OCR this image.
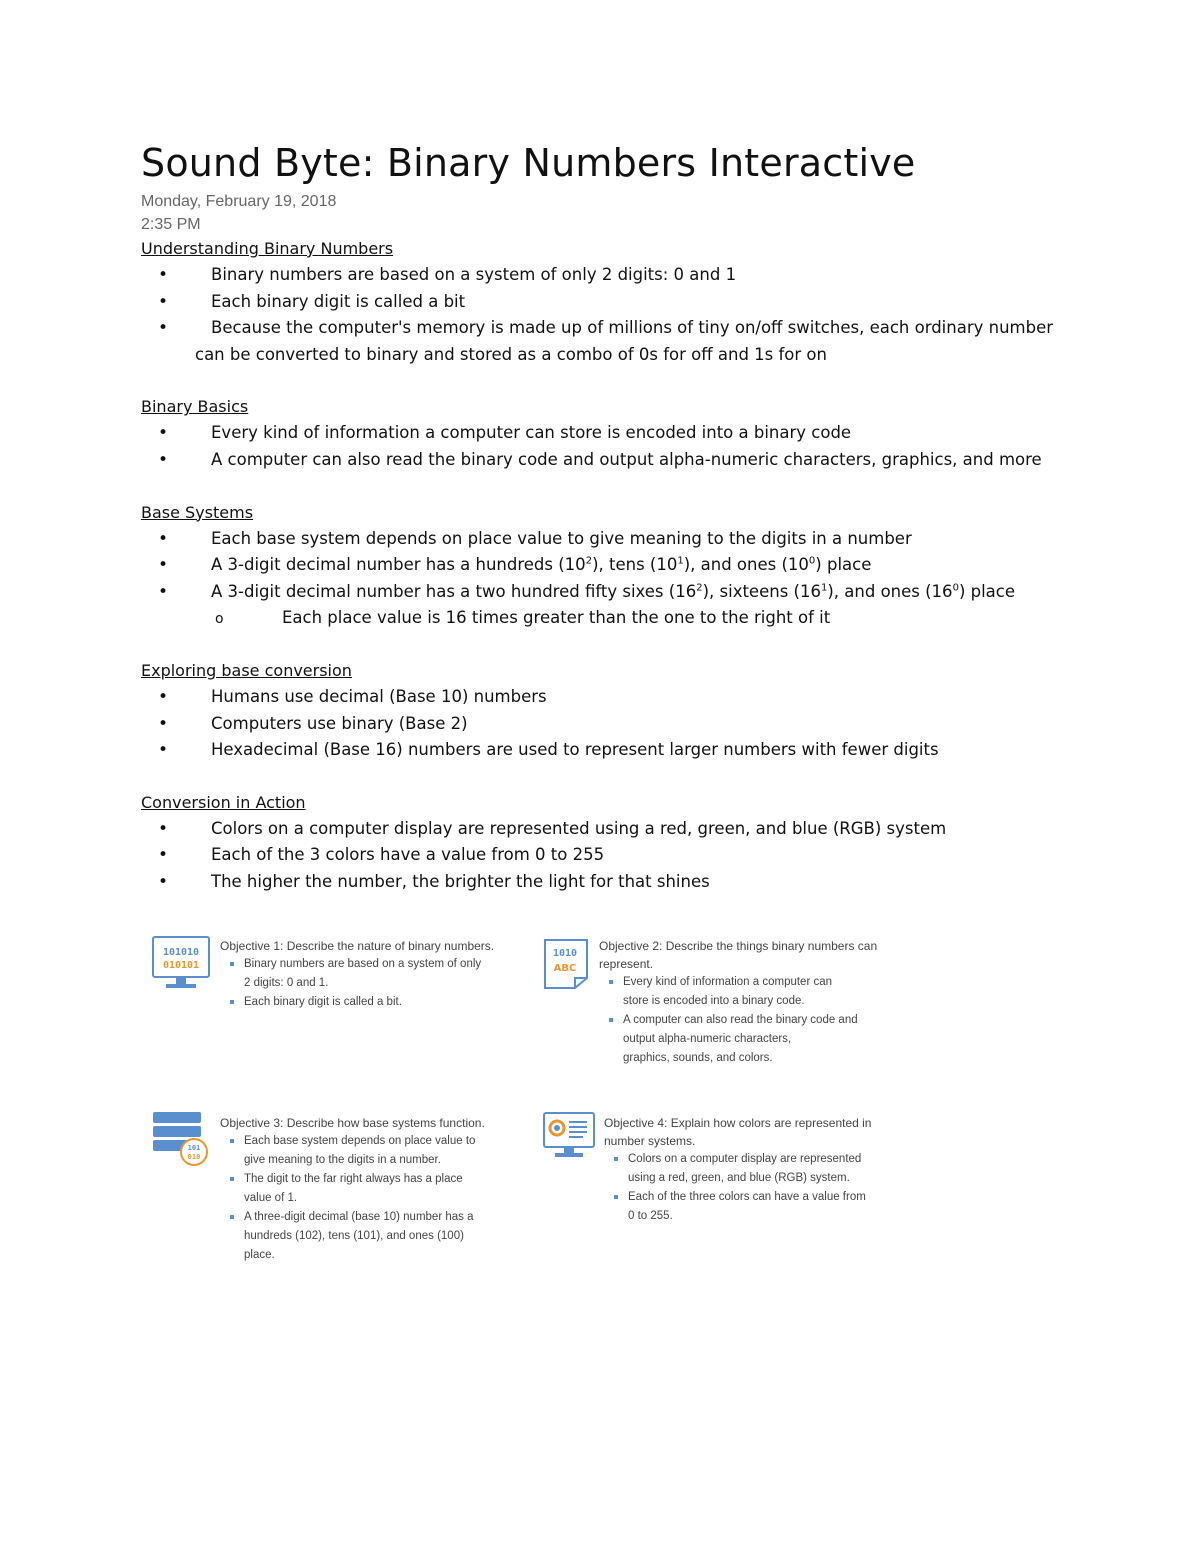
Sound Byte: Binary Numbers Interactive
Monday, February 19, 2018
2:35 PM
Understanding Binary Numbers
•	Binary numbers are based on a system of only 2 digits: 0 and 1
•	Each binary digit is called a bit
•	Because the computer's memory is made up of millions of tiny on/off switches, each ordinary number can be converted to binary and stored as a combo of 0s for off and 1s for on
Binary Basics
•	Every kind of information a computer can store is encoded into a binary code
•	A computer can also read the binary code and output alpha-numeric characters, graphics, and more
Base Systems
•	Each base system depends on place value to give meaning to the digits in a number
•	A 3-digit decimal number has a hundreds $(10^2)$, tens $(10^1)$, and ones $(10^0)$ place
•	A 3-digit decimal number has a two hundred fifty sixes $(16^2)$, sixteens $(16^1)$, and ones $(16^0)$ place
o	Each place value is 16 times greater than the one to the right of it
Exploring base conversion
•	Humans use decimal (Base 10) numbers
•	Computers use binary (Base 2)
•	Hexadecimal (Base 16) numbers are used to represent larger numbers with fewer digits
Conversion in Action
•	Colors on a computer display are represented using a red, green, and blue (RGB) system
•	Each of the 3 colors have a value from 0 to 255
•	The higher the number, the brighter the light for that shines
101010
010101
Objective 1: Describe the nature of binary numbers.
Binary numbers are based on a system of only
2 digits: 0 and 1.
Each binary digit is called a bit.
1010
ABC
Objective 2: Describe the things binary numbers can
represent.
Every kind of information a computer can
store is encoded into a binary code.
A computer can also read the binary code and
output alpha-numeric characters,
graphics, sounds, and colors.
101
010
Objective 3: Describe how base systems function.
Each base system depends on place value to
give meaning to the digits in a number.
The digit to the far right always has a place
value of 1.
A three-digit decimal (base 10) number has a
hundreds (102), tens (101), and ones (100)
place.
Objective 4: Explain how colors are represented in
number systems.
Colors on a computer display are represented
using a red, green, and blue (RGB) system.
Each of the three colors can have a value from
0 to 255.
